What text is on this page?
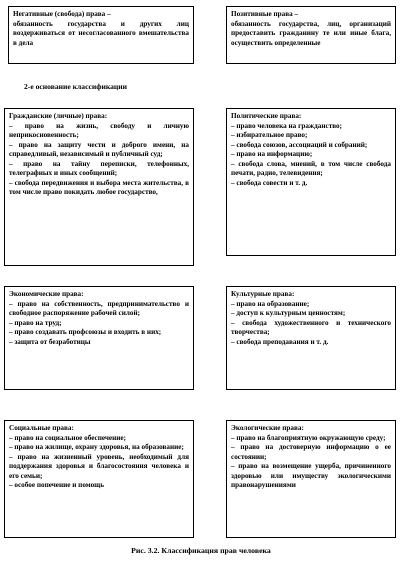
Негативные (свобода) права –
обязанность государства и других лиц воздерживаться от несогласованного вмешательства в дела
Позитивные права –
обязанность государства, лиц, организаций предоставить гражданину те или иные блага, осуществить определенные
2-е основание классификации
Гражданские (личные) права:
– право на жизнь, свободу и личную неприкосновенность;
– право на защиту чести и доброго имени, на справедливый, независимый и публичный суд;
– право на тайну переписки, телефонных, телеграфных и иных сообщений;
– свобода передвижения и выбора места жительства, в том числе право покидать любое государство,
Политические права:
– право человека на гражданство;
– избирательное право;
– свобода союзов, ассоциаций и собраний;
– право на информацию;
– свобода слова, мнений, в том числе свобода печати, радио, телевидения;
– свобода совести и т. д.
Экономические права:
– право на собственность, предпринимательство и свободное распоряжение рабочей силой;
– право на труд;
– право создавать профсоюзы и входить в них;
– защита от безработицы
Культурные права:
– право на образование;
– доступ к культурным ценностям;
– свобода художественного и технического творчества;
– свобода преподавания и т. д.
Социальные права:
– право на социальное обеспечение;
– право на жилище, охрану здоровья, на образование;
– право на жизненный уровень, необходимый для поддержания здоровья и благосостояния человека и его семьи;
– особое попечение и помощь
Экологические права:
– право на благоприятную окружающую среду;
– право на достоверную информацию о ее состоянии;
– право на возмещение ущерба, причиненного здоровью или имуществу экологическими правонарушениями
Рис. 3.2. Классификация прав человека
